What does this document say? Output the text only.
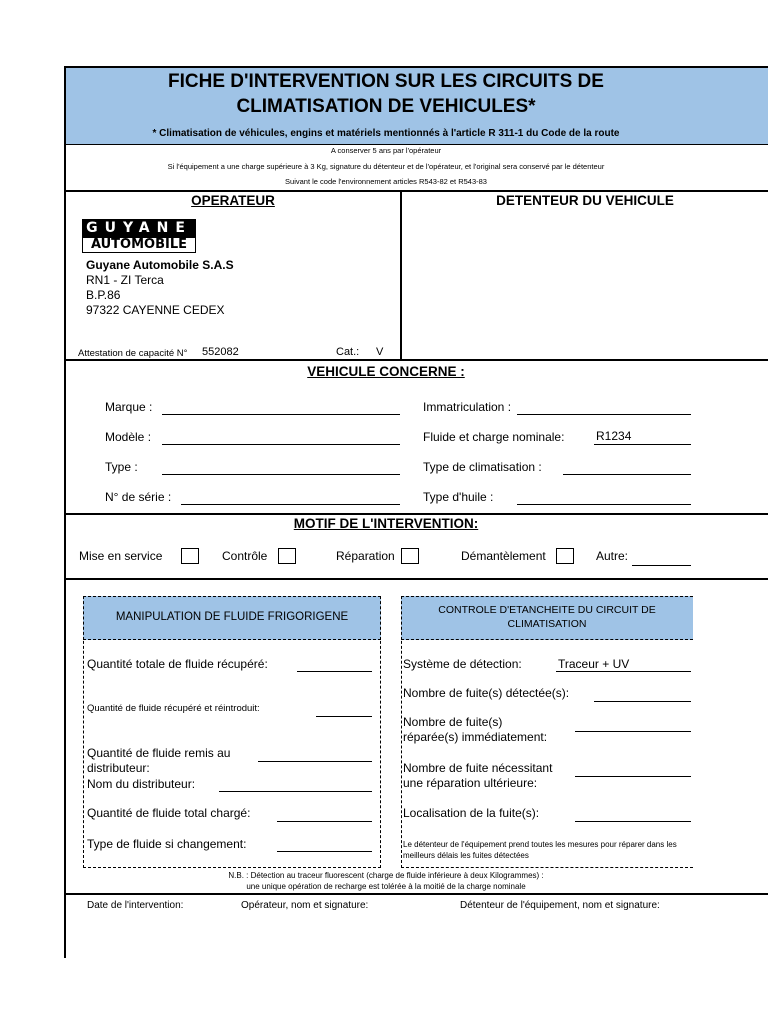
FICHE D'INTERVENTION SUR LES CIRCUITS DE
CLIMATISATION DE VEHICULES*
* Climatisation de véhicules, engins et matériels mentionnés à l'article R 311-1 du Code de la route
A conserver 5 ans par l'opérateur
Si l'équipement a une charge supérieure à 3 Kg, signature du détenteur et de l'opérateur, et l'original sera conservé par le détenteur
Suivant le code l'environnement articles R543-82 et R543-83
OPERATEUR
GUYANE
AUTOMOBILE
Guyane Automobile S.A.S
RN1 - ZI Terca
B.P.86
97322 CAYENNE CEDEX
Attestation de capacité N° 552082	Cat.: V
DETENTEUR DU VEHICULE
VEHICULE CONCERNE :
Marque :
Modèle :
Type :
N° de série :
Immatriculation :
Fluide et charge nominale:	R1234
Type de climatisation :
Type d'huile :
MOTIF DE L'INTERVENTION:
Mise en service	Contrôle	Réparation	Démantèlement	Autre:
MANIPULATION DE FLUIDE FRIGORIGENE
Quantité totale de fluide récupéré:
Quantité de fluide récupéré et réintroduit:
Quantité de fluide remis au
distributeur:
Nom du distributeur:
Quantité de fluide total chargé:
Type de fluide si changement:
CONTROLE D'ETANCHEITE DU CIRCUIT DE
CLIMATISATION
Système de détection:	Traceur + UV
Nombre de fuite(s) détectée(s):
Nombre de fuite(s)
réparée(s) immédiatement:
Nombre de fuite nécessitant
une réparation ultérieure:
Localisation de la fuite(s):
Le détenteur de l'équipement prend toutes les mesures pour réparer dans les
meilleurs délais les fuites détectées
N.B. : Détection au traceur fluorescent (charge de fluide inférieure à deux Kilogrammes) :
une unique opération de recharge est tolérée à la moitié de la charge nominale
Date de l'intervention:	Opérateur, nom et signature:	Détenteur de l'équipement, nom et signature:
